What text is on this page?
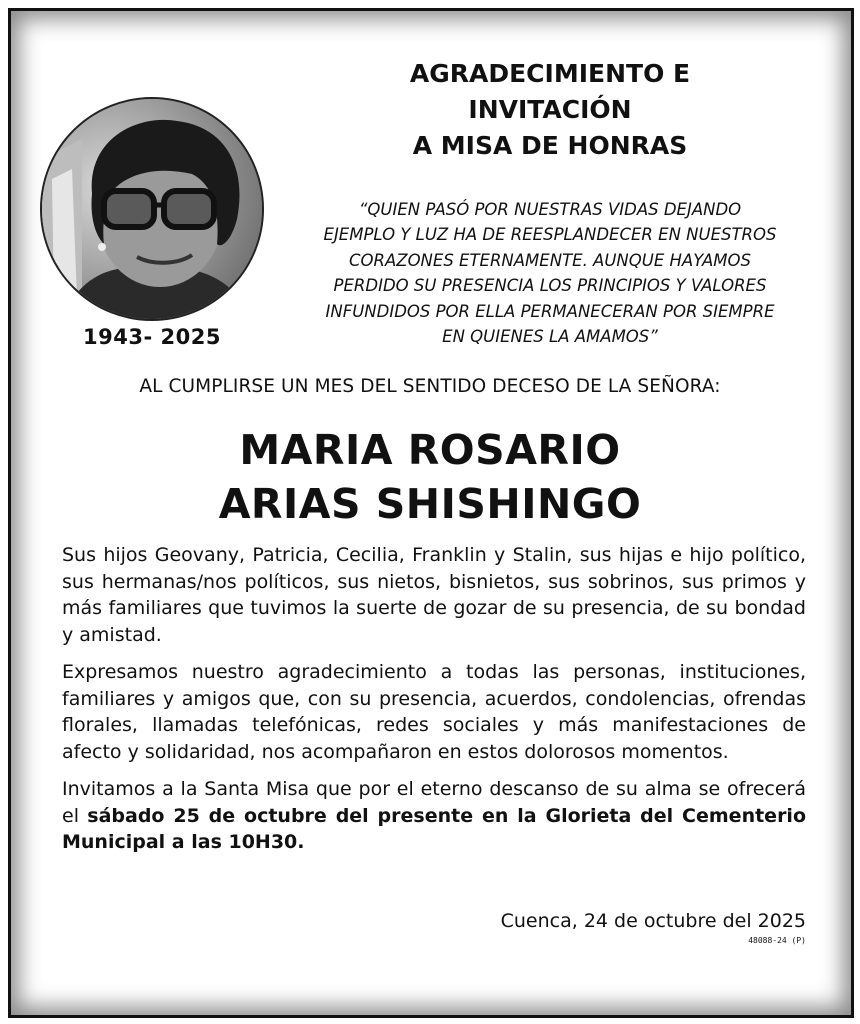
1943- 2025
AGRADECIMIENTO E
INVITACIÓN
A MISA DE HONRAS
“QUIEN PASÓ POR NUESTRAS VIDAS DEJANDO
EJEMPLO Y LUZ HA DE REESPLANDECER EN NUESTROS
CORAZONES ETERNAMENTE. AUNQUE HAYAMOS
PERDIDO SU PRESENCIA LOS PRINCIPIOS Y VALORES
INFUNDIDOS POR ELLA PERMANECERAN POR SIEMPRE
EN QUIENES LA AMAMOS”
AL CUMPLIRSE UN MES DEL SENTIDO DECESO DE LA SEÑORA:
MARIA ROSARIO
ARIAS SHISHINGO

Sus hijos Geovany, Patricia, Cecilia, Franklin y Stalin, sus hijas e hijo político, sus hermanas/nos políticos, sus nietos, bisnietos, sus sobrinos, sus primos y más familiares que tuvimos la suerte de gozar de su presencia, de su bondad y amistad.

Expresamos nuestro agradecimiento a todas las personas, instituciones, familiares y amigos que, con su presencia, acuerdos, condolencias, ofrendas florales, llamadas telefónicas, redes sociales y más manifestaciones de afecto y solidaridad, nos acompañaron en estos dolorosos momentos.

Invitamos a la Santa Misa que por el eterno descanso de su alma se ofrecerá el sábado 25 de octubre del presente en la Glorieta del Cementerio Municipal a las 10H30.

Cuenca, 24 de octubre del 2025
48088-24 (P)
